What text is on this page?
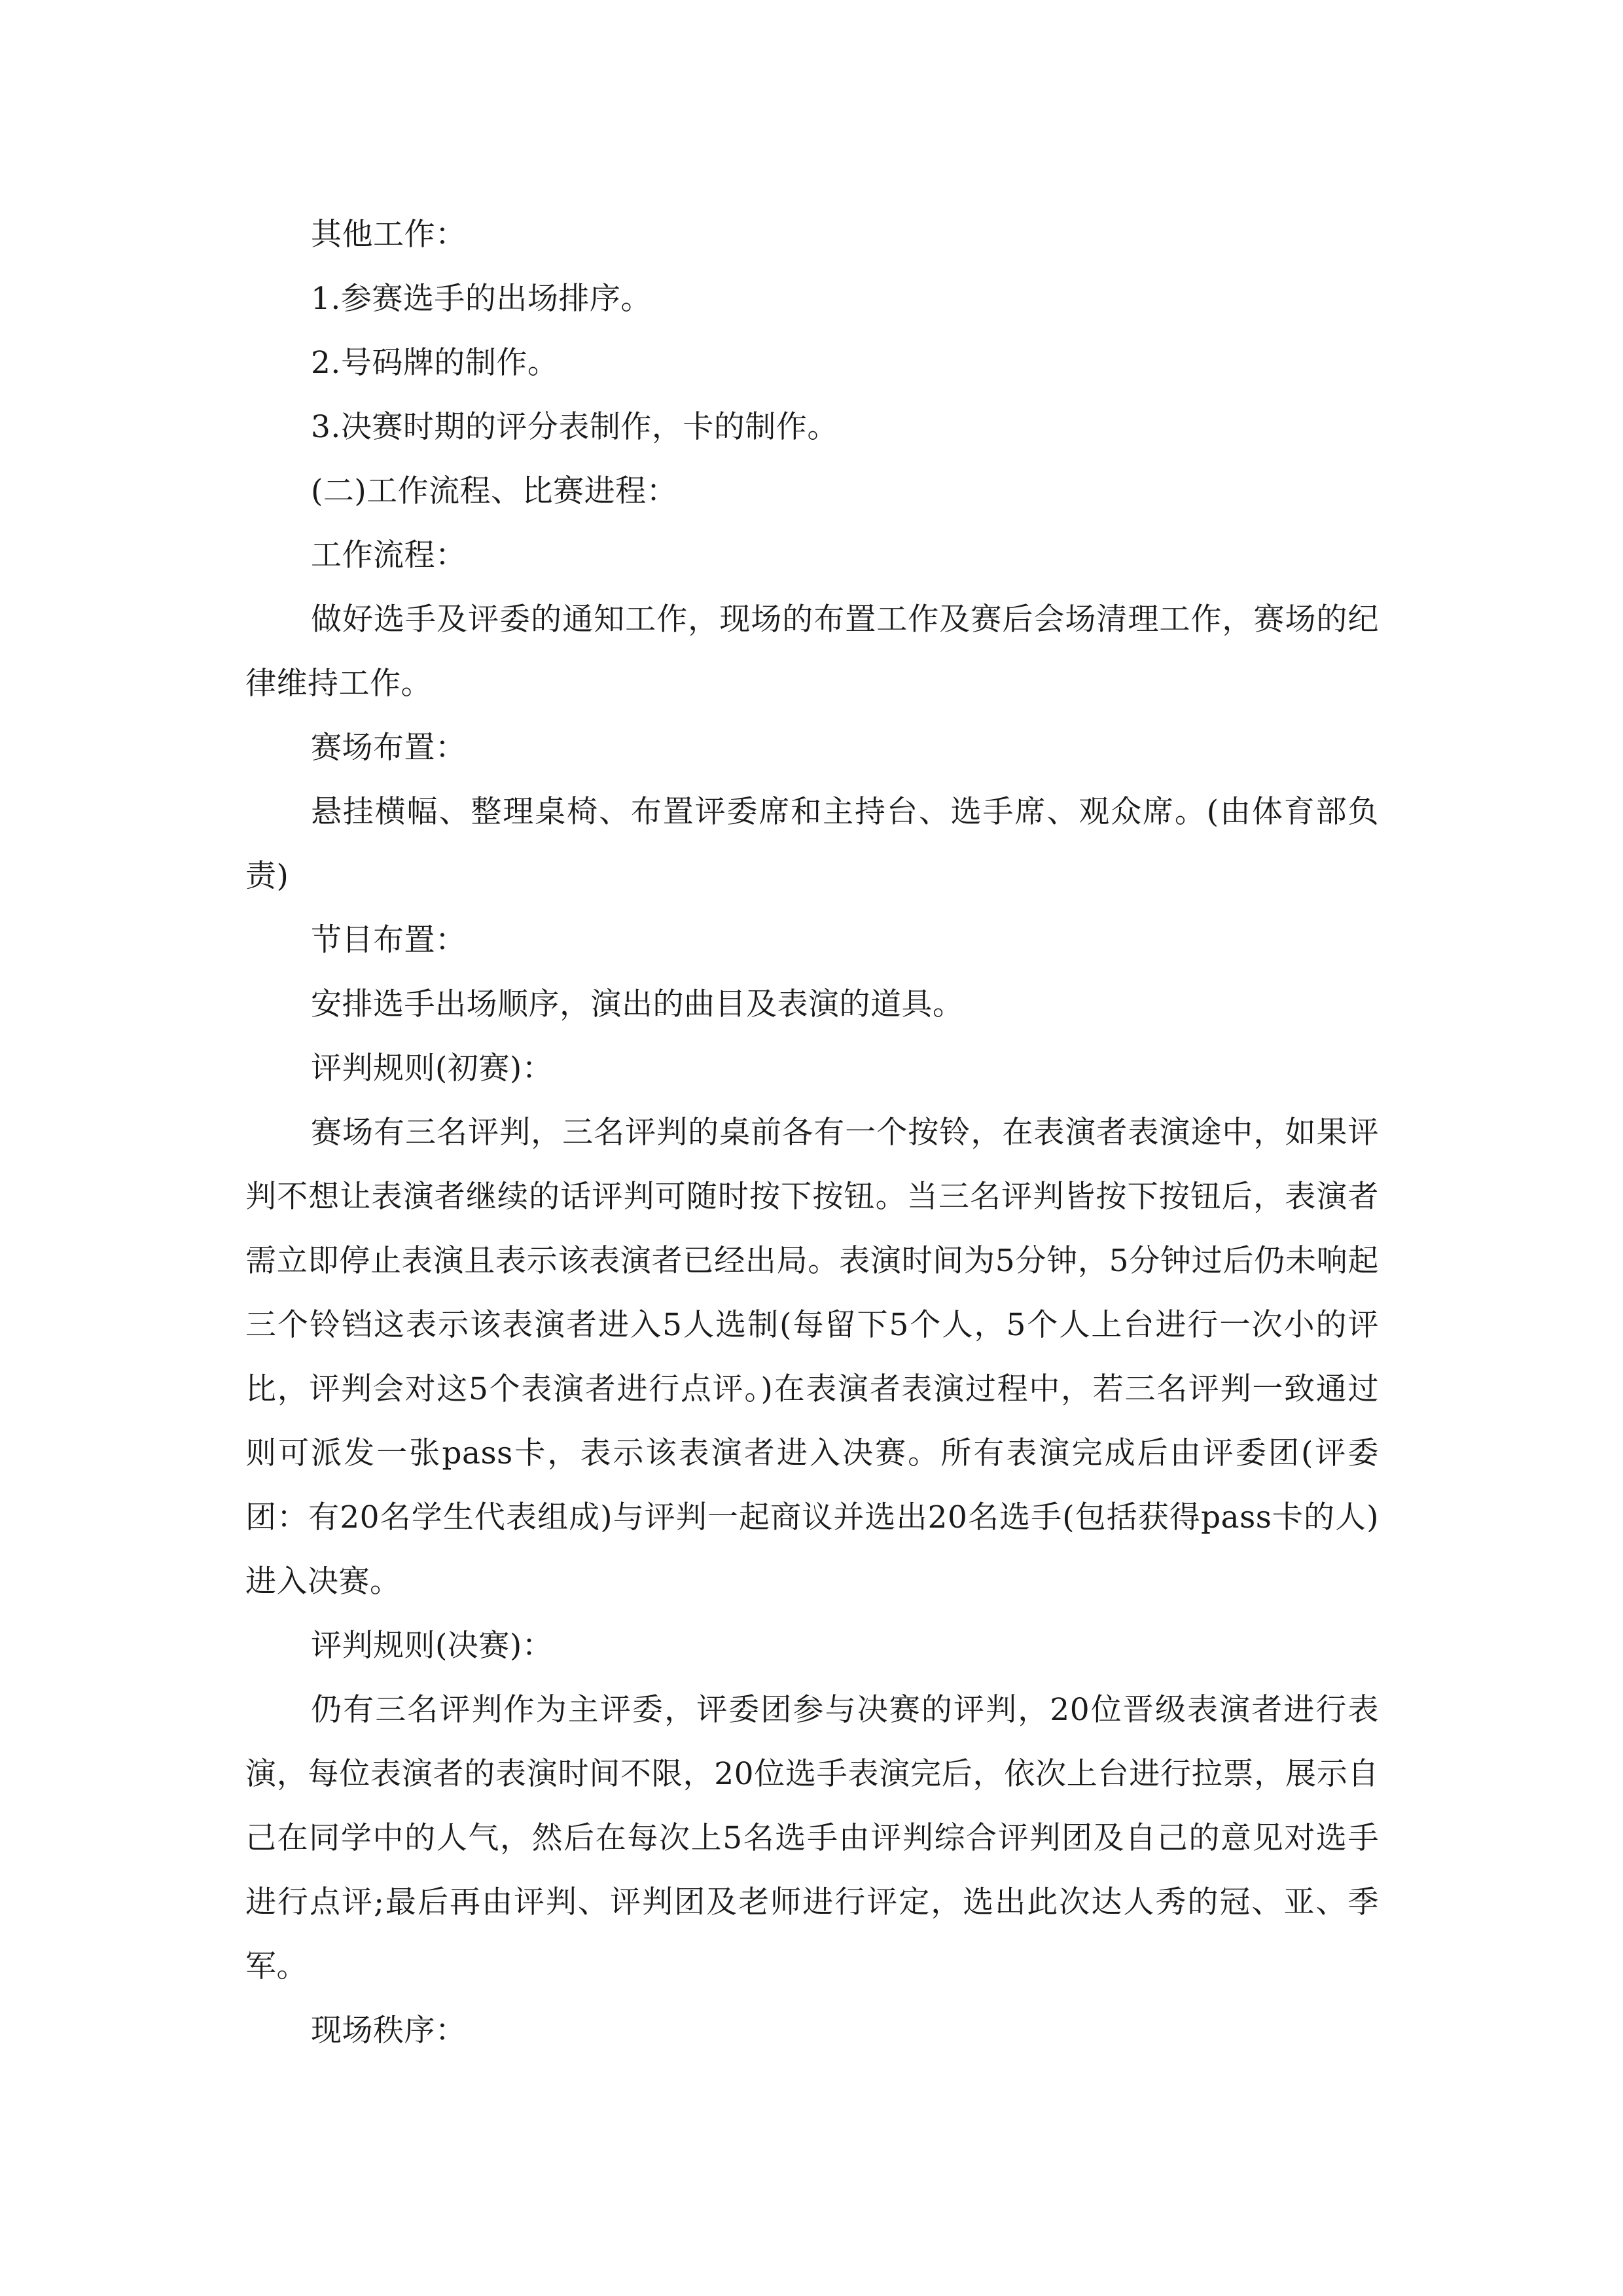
其他工作：

1.参赛选手的出场排序。

2.号码牌的制作。

3.决赛时期的评分表制作，卡的制作。

(二)工作流程、比赛进程：

工作流程：

做好选手及评委的通知工作，现场的布置工作及赛后会场清理工作，赛场的纪律维持工作。

赛场布置：

悬挂横幅、整理桌椅、布置评委席和主持台、选手席、观众席。(由体育部负责)

节目布置：

安排选手出场顺序，演出的曲目及表演的道具。

评判规则(初赛)：

赛场有三名评判，三名评判的桌前各有一个按铃，在表演者表演途中，如果评判不想让表演者继续的话评判可随时按下按钮。当三名评判皆按下按钮后，表演者需立即停止表演且表示该表演者已经出局。表演时间为5分钟，5分钟过后仍未响起三个铃铛这表示该表演者进入5人选制(每留下5个人，5个人上台进行一次小的评比，评判会对这5个表演者进行点评。)在表演者表演过程中，若三名评判一致通过则可派发一张pass卡，表示该表演者进入决赛。所有表演完成后由评委团(评委团：有20名学生代表组成)与评判一起商议并选出20名选手(包括获得pass卡的人)进入决赛。

评判规则(决赛)：

仍有三名评判作为主评委，评委团参与决赛的评判，20位晋级表演者进行表演，每位表演者的表演时间不限，20位选手表演完后，依次上台进行拉票，展示自己在同学中的人气，然后在每次上5名选手由评判综合评判团及自己的意见对选手进行点评;最后再由评判、评判团及老师进行评定，选出此次达人秀的冠、亚、季军。

现场秩序：
